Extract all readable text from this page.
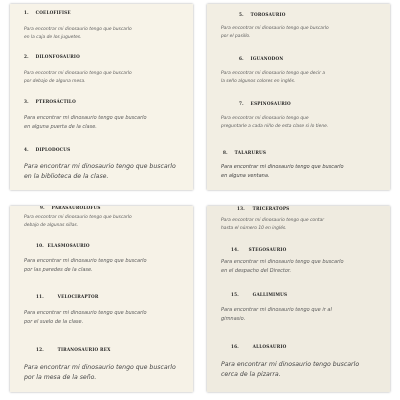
1. COELOFIFISE
Para encontrar mi dinosaurio tengo que buscarlo
en la caja de los juguetes.
2. DILONFOSAURIO
Para encontrar mi dinosaurio tengo que buscarlo
por debajo de alguna mesa.
3. PTEROSÁCTILO
Para encontrar mi dinosaurio tengo que buscarlo
en alguna puerta de la clase.
4. DIPLODOCUS
Para encontrar mi dinosaurio tengo que buscarlo
en la biblioteca de la clase.
5. TOROSAURIO
Para encontrar mi dinosaurio tengo que buscarlo
por el pasillo.
6. IGUANODON
Para encontrar mi dinosaurio tengo que decir a
la seño algunos colores en inglés.
7. ESPINOSAURIO
Para encontrar mi dinosaurio tengo que
preguntarle a cada niño de esta clase si lo tiene.
8. TALARURUS
Para encontrar mi dinosaurio tengo que buscarlo
en alguna ventana.
9. PARASAUROLOFUS
Para encontrar mi dinosaurio tengo que buscarlo
debajo de algunas sillas.
10. ELASMOSAURIO
Para encontrar mi dinosaurio tengo que buscarlo
por las paredes de la clase.
11.	VELOCIRAPTOR
Para encontrar mi dinosaurio tengo que buscarlo
por el suelo de la clase.
12.	TIRANOSAURIO REX
Para encontrar mi dinosaurio tengo que buscarlo
por la mesa de la seño.
13. TRICERATOPS
Para encontrar mi dinosaurio tengo que contar
hasta el número 10 en inglés.
14. STEGOSAURIO
Para encontrar mi dinosaurio tengo que buscarlo
en el despacho del Director.
15.	GALLIMIMUS
Para encontrar mi dinosaurio tengo que ir al
gimnasio.
16.	ALLOSAURIO
Para encontrar mi dinosaurio tengo buscarlo
cerca de la pizarra.
